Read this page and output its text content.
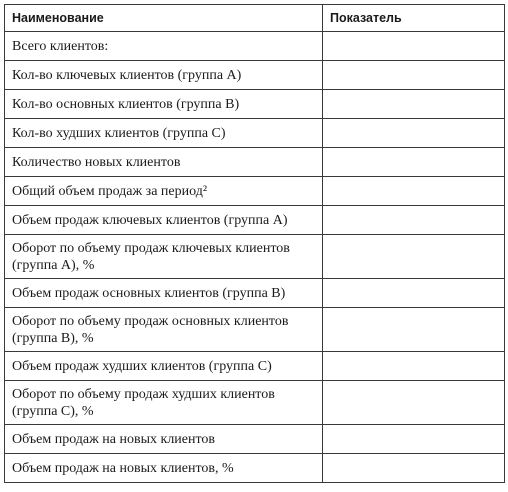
Наименование	Показатель
Всего клиентов:	
Кол-во ключевых клиентов (группа А)	
Кол-во основных клиентов (группа В)	
Кол-во худших клиентов (группа С)	
Количество новых клиентов	
Общий объем продаж за период²	
Объем продаж ключевых клиентов (группа А)	
Оборот по объему продаж ключевых клиентов (группа А), %	
Объем продаж основных клиентов (группа В)	
Оборот по объему продаж основных клиентов (группа В), %	
Объем продаж худших клиентов (группа С)	
Оборот по объему продаж худших клиентов (группа С), %	
Объем продаж на новых клиентов	
Объем продаж на новых клиентов, %	
